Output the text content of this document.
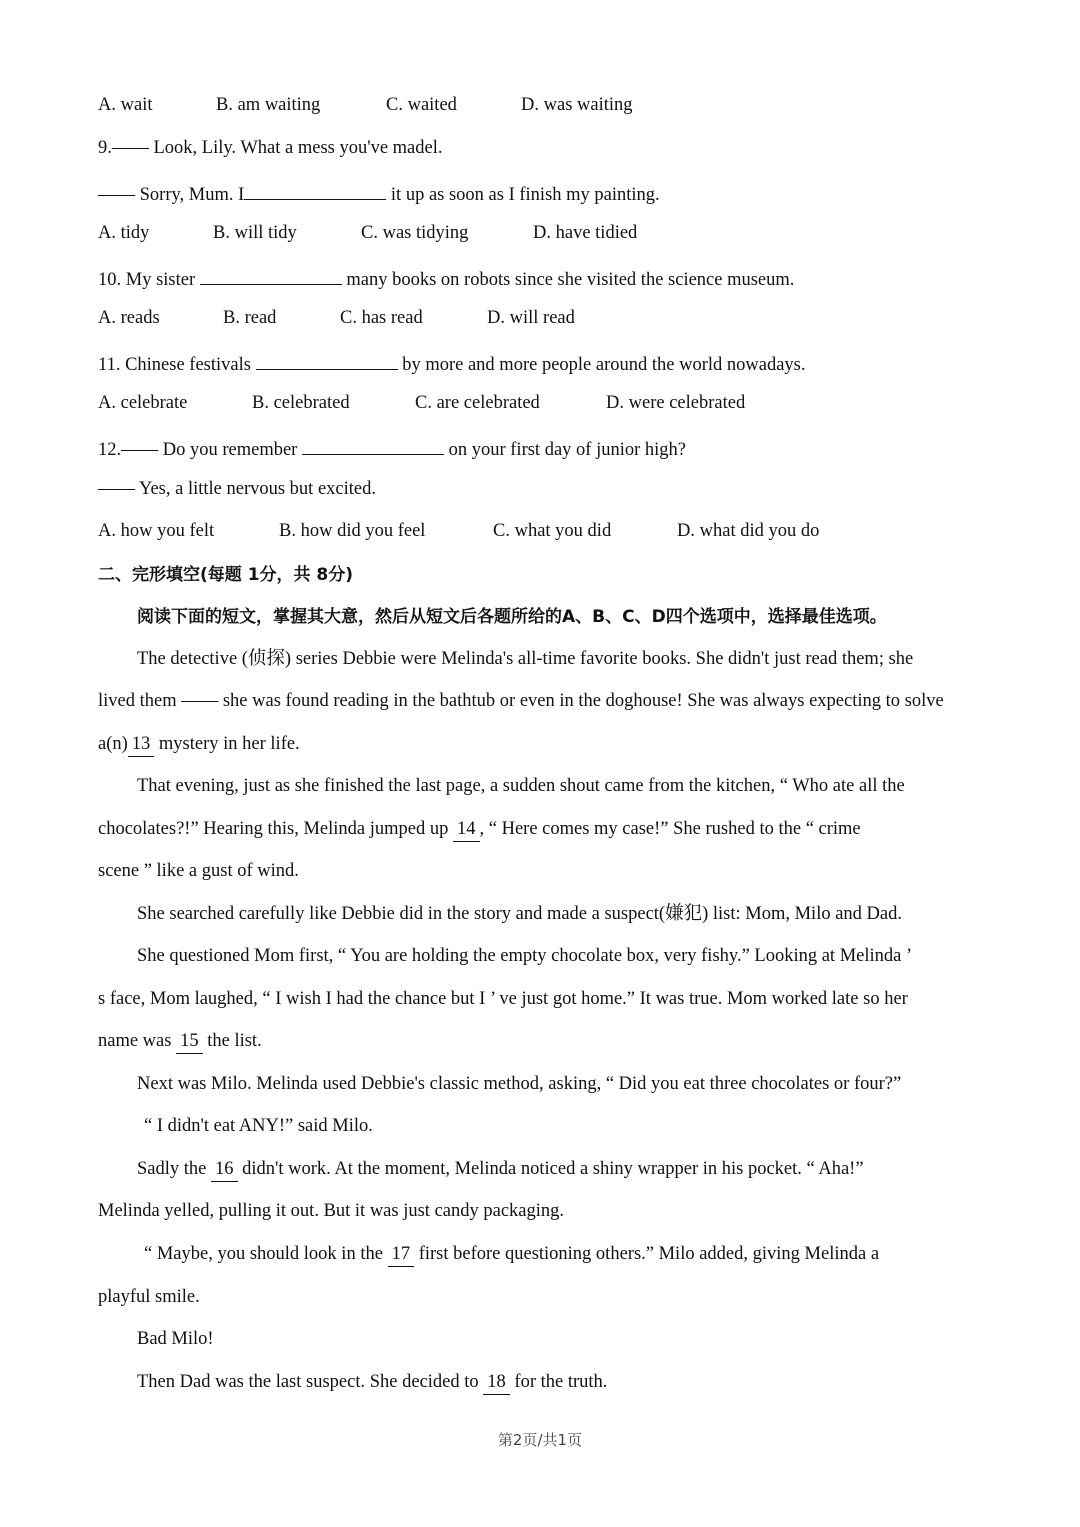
A. wait	B. am waiting	C. waited	D. was waiting
9.—— Look, Lily. What a mess you've madel.
—— Sorry, Mum. I	it up as soon as I finish my painting.
A. tidy	B. will tidy	C. was tidying	D. have tidied
10. My sister	many books on robots since she visited the science museum.
A. reads	B. read	C. has read	D. will read
11. Chinese festivals	by more and more people around the world nowadays.
A. celebrate	B. celebrated	C. are celebrated	D. were celebrated
12.—— Do you remember	on your first day of junior high?
—— Yes, a little nervous but excited.
A. how you felt	B. how did you feel	C. what you did	D. what did you do
二、完形填空(每题 1分，共 8分)
阅读下面的短文，掌握其大意，然后从短文后各题所给的A、B、C、D四个选项中，选择最佳选项。
The detective (侦探) series Debbie were Melinda's all-time favorite books. She didn't just read them; she
lived them —— she was found reading in the bathtub or even in the doghouse! She was always expecting to solve
a(n) 13 mystery in her life.
That evening, just as she finished the last page, a sudden shout came from the kitchen, “ Who ate all the
chocolates?!” Hearing this, Melinda jumped up 14 , “ Here comes my case!” She rushed to the “ crime
scene ” like a gust of wind.
She searched carefully like Debbie did in the story and made a suspect(嫌犯) list: Mom, Milo and Dad.
She questioned Mom first, “ You are holding the empty chocolate box, very fishy.” Looking at Melinda ’
s face, Mom laughed, “ I wish I had the chance but I ’ ve just got home.” It was true. Mom worked late so her
name was 15 the list.
Next was Milo. Melinda used Debbie's classic method, asking, “ Did you eat three chocolates or four?”
“ I didn't eat ANY!” said Milo.
Sadly the 16 didn't work. At the moment, Melinda noticed a shiny wrapper in his pocket. “ Aha!”
Melinda yelled, pulling it out. But it was just candy packaging.
“ Maybe, you should look in the 17 first before questioning others.” Milo added, giving Melinda a
playful smile.
Bad Milo!
Then Dad was the last suspect. She decided to 18 for the truth.
第2页/共1页
